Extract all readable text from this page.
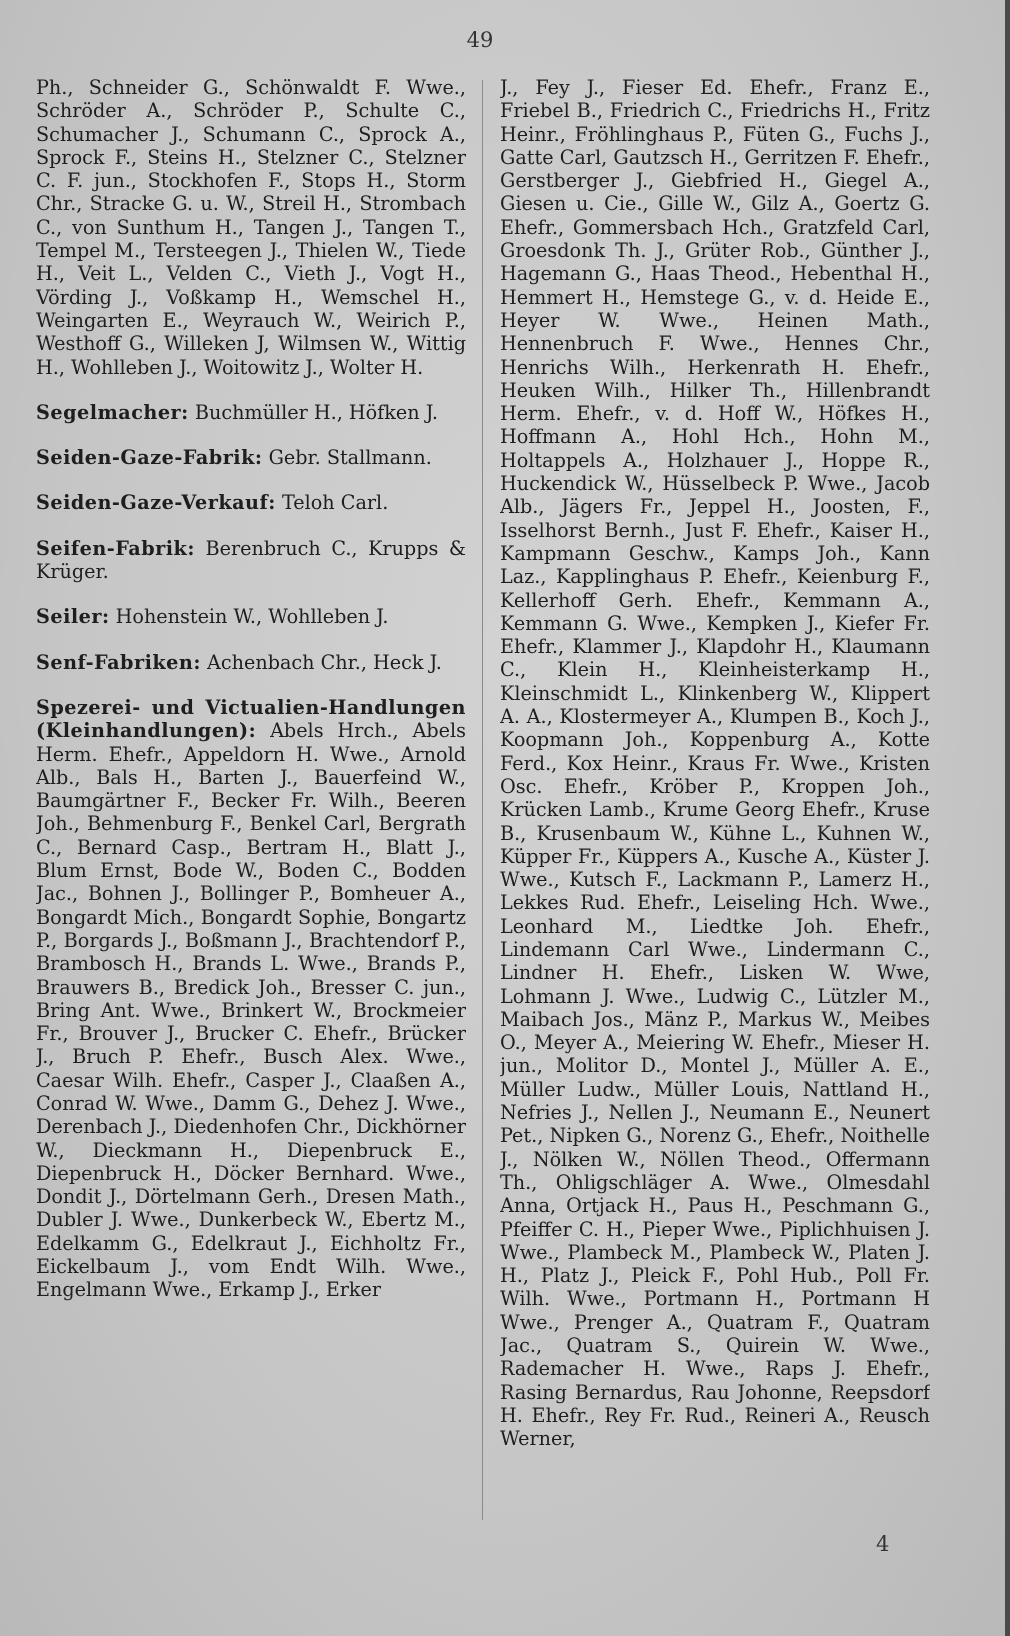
49

Ph., Schneider G., Schönwaldt F. Wwe., Schröder A., Schröder P., Schulte C., Schumacher J., Schumann C., Sprock A., Sprock F., Steins H., Stelzner C., Stelzner C. F. jun., Stockhofen F., Stops H., Storm Chr., Stracke G. u. W., Streil H., Strombach C., von Sunthum H., Tangen J., Tangen T., Tempel M., Tersteegen J., Thielen W., Tiede H., Veit L., Velden C., Vieth J., Vogt H., Vörding J., Voßkamp H., Wemschel H., Weingarten E., Weyrauch W., Weirich P., Westhoff G., Willeken J, Wilmsen W., Wittig H., Wohlleben J., Woitowitz J., Wolter H.

Segelmacher: Buchmüller H., Höfken J.

Seiden-Gaze-Fabrik: Gebr. Stallmann.

Seiden-Gaze-Verkauf: Teloh Carl.

Seifen-Fabrik: Berenbruch C., Krupps & Krüger.

Seiler: Hohenstein W., Wohlleben J.

Senf-Fabriken: Achenbach Chr., Heck J.

Spezerei- und Victualien-Handlungen (Kleinhandlungen): Abels Hrch., Abels Herm. Ehefr., Appeldorn H. Wwe., Arnold Alb., Bals H., Barten J., Bauerfeind W., Baumgärtner F., Becker Fr. Wilh., Beeren Joh., Behmenburg F., Benkel Carl, Bergrath C., Bernard Casp., Bertram H., Blatt J., Blum Ernst, Bode W., Boden C., Bodden Jac., Bohnen J., Bollinger P., Bomheuer A., Bongardt Mich., Bongardt Sophie, Bongartz P., Borgards J., Boßmann J., Brachtendorf P., Brambosch H., Brands L. Wwe., Brands P., Brauwers B., Bredick Joh., Bresser C. jun., Bring Ant. Wwe., Brinkert W., Brockmeier Fr., Brouver J., Brucker C. Ehefr., Brücker J., Bruch P. Ehefr., Busch Alex. Wwe., Caesar Wilh. Ehefr., Casper J., Claaßen A., Conrad W. Wwe., Damm G., Dehez J. Wwe., Derenbach J., Diedenhofen Chr., Dickhörner W., Dieckmann H., Diepenbruck E., Diepenbruck H., Döcker Bernhard. Wwe., Dondit J., Dörtelmann Gerh., Dresen Math., Dubler J. Wwe., Dunkerbeck W., Ebertz M., Edelkamm G., Edelkraut J., Eichholtz Fr., Eickelbaum J., vom Endt Wilh. Wwe., Engelmann Wwe., Erkamp J., Erker

J., Fey J., Fieser Ed. Ehefr., Franz E., Friebel B., Friedrich C., Friedrichs H., Fritz Heinr., Fröhlinghaus P., Füten G., Fuchs J., Gatte Carl, Gautzsch H., Gerritzen F. Ehefr., Gerstberger J., Giebfried H., Giegel A., Giesen u. Cie., Gille W., Gilz A., Goertz G. Ehefr., Gommersbach Hch., Gratzfeld Carl, Groesdonk Th. J., Grüter Rob., Günther J., Hagemann G., Haas Theod., Hebenthal H., Hemmert H., Hemstege G., v. d. Heide E., Heyer W. Wwe., Heinen Math., Hennenbruch F. Wwe., Hennes Chr., Henrichs Wilh., Herkenrath H. Ehefr., Heuken Wilh., Hilker Th., Hillenbrandt Herm. Ehefr., v. d. Hoff W., Höfkes H., Hoffmann A., Hohl Hch., Hohn M., Holtappels A., Holzhauer J., Hoppe R., Huckendick W., Hüsselbeck P. Wwe., Jacob Alb., Jägers Fr., Jeppel H., Joosten, F., Isselhorst Bernh., Just F. Ehefr., Kaiser H., Kampmann Geschw., Kamps Joh., Kann Laz., Kapplinghaus P. Ehefr., Keienburg F., Kellerhoff Gerh. Ehefr., Kemmann A., Kemmann G. Wwe., Kempken J., Kiefer Fr. Ehefr., Klammer J., Klapdohr H., Klaumann C., Klein H., Kleinheisterkamp H., Kleinschmidt L., Klinkenberg W., Klippert A. A., Klostermeyer A., Klumpen B., Koch J., Koopmann Joh., Koppenburg A., Kotte Ferd., Kox Heinr., Kraus Fr. Wwe., Kristen Osc. Ehefr., Kröber P., Kroppen Joh., Krücken Lamb., Krume Georg Ehefr., Kruse B., Krusenbaum W., Kühne L., Kuhnen W., Küpper Fr., Küppers A., Kusche A., Küster J. Wwe., Kutsch F., Lackmann P., Lamerz H., Lekkes Rud. Ehefr., Leiseling Hch. Wwe., Leonhard M., Liedtke Joh. Ehefr., Lindemann Carl Wwe., Lindermann C., Lindner H. Ehefr., Lisken W. Wwe, Lohmann J. Wwe., Ludwig C., Lützler M., Maibach Jos., Mänz P., Markus W., Meibes O., Meyer A., Meiering W. Ehefr., Mieser H. jun., Molitor D., Montel J., Müller A. E., Müller Ludw., Müller Louis, Nattland H., Nefries J., Nellen J., Neumann E., Neunert Pet., Nipken G., Norenz G., Ehefr., Noithelle J., Nölken W., Nöllen Theod., Offermann Th., Ohligschläger A. Wwe., Olmesdahl Anna, Ortjack H., Paus H., Peschmann G., Pfeiffer C. H., Pieper Wwe., Piplichhuisen J. Wwe., Plambeck M., Plambeck W., Platen J. H., Platz J., Pleick F., Pohl Hub., Poll Fr. Wilh. Wwe., Portmann H., Portmann H Wwe., Prenger A., Quatram F., Quatram Jac., Quatram S., Quirein W. Wwe., Rademacher H. Wwe., Raps J. Ehefr., Rasing Bernardus, Rau Johonne, Reepsdorf H. Ehefr., Rey Fr. Rud., Reineri A., Reusch Werner,

4
